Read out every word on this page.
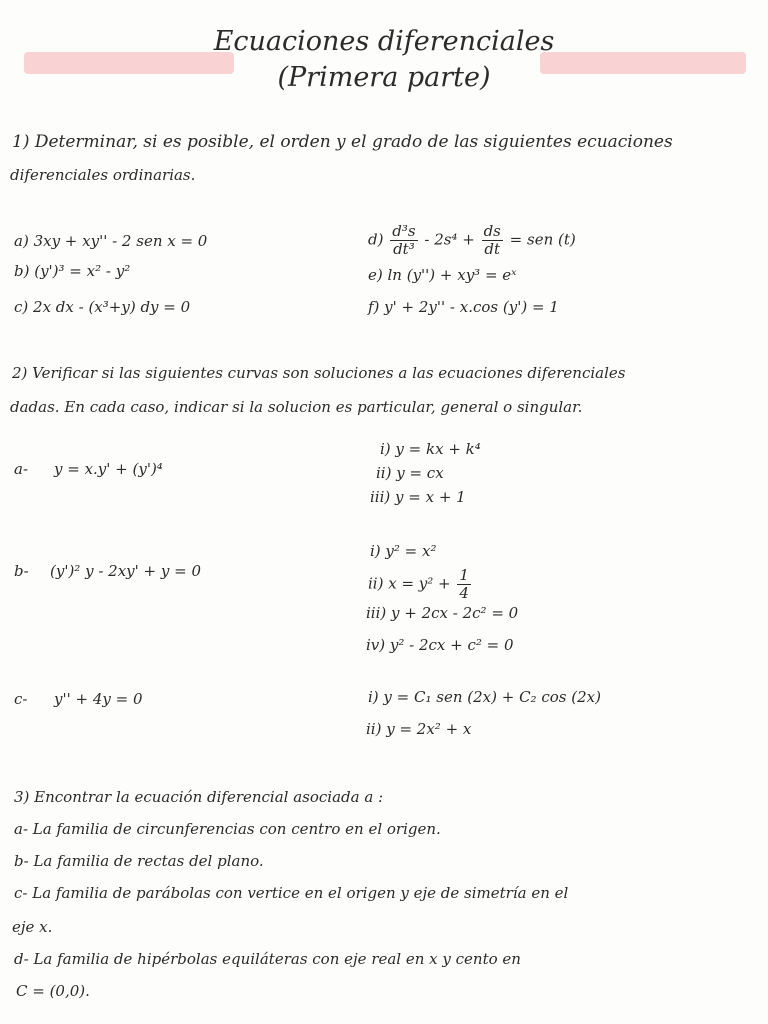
Ecuaciones diferenciales
(Primera parte)
1) Determinar, si es posible, el orden y el grado de las siguientes ecuaciones
diferenciales ordinarias.
a) 3xy + xy'' - 2 sen x = 0
b) (y')³ = x² - y²
c) 2x dx - (x³+y) dy = 0
$d) \frac{\text{d³s}}{\text{dt³}} - 2s^4 + \frac{ds}{dt}$ = sen (t)
e) ln (y'') + xy³ = eˣ
f) y' + 2y'' - x.cos (y') = 1
2) Verificar si las siguientes curvas son soluciones a las ecuaciones diferenciales
dadas. En cada caso, indicar si la solucion es particular, general o singular.
a- y = x.y' + (y')⁴
i) y = kx + k⁴
ii) y = cx
iii) y = x + 1
b- (y')² y - 2xy' + y = 0
i) y² = x²
ii) $x = y^2 + \frac{1}{4}$
iii) y + 2cx - 2c² = 0
iv) y² - 2cx + c² = 0
c- y'' + 4y = 0	i) y = C₁ sen (2x) + C₂ cos (2x)
ii) y = 2x² + x
3) Encontrar la ecuación diferencial asociada a :
a- La familia de circunferencias con centro en el origen.
b- La familia de rectas del plano.
c- La familia de parábolas con vertice en el origen y eje de simetría en el
eje x.
d- La familia de hipérbolas equiláteras con eje real en x y cento en
C = (0,0).
